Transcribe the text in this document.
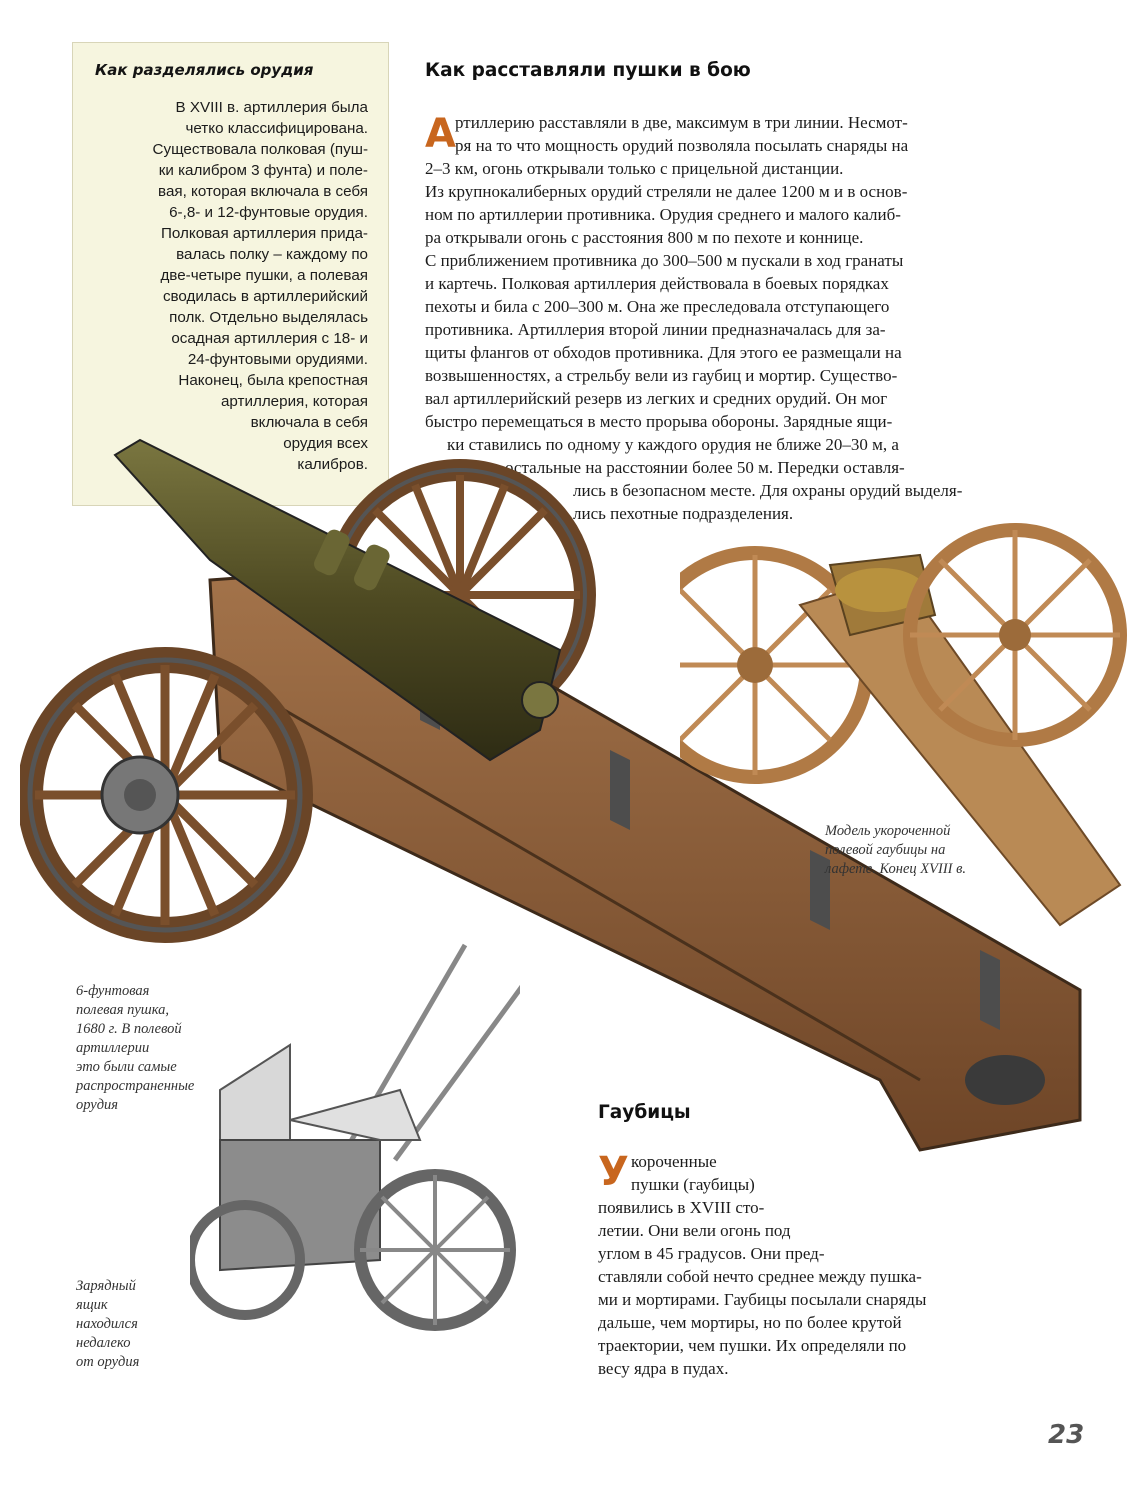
Как разделялись орудия

В XVIII в. артиллерия была

четко классифицирована.

Существовала полковая (пуш-

ки калибром 3 фунта) и поле-

вая, которая включала в себя

6-,8- и 12-фунтовые орудия.

Полковая артиллерия прида-

валась полку – каждому по

две-четыре пушки, а полевая

сводилась в артиллерийский

полк. Отдельно выделялась

осадная артиллерия с 18- и

24-фунтовыми орудиями.

Наконец, была крепостная

артиллерия, которая

включала в себя

орудия всех

калибров.

Как расставляли пушки в бою
А ртиллерию расставляли в две, максимум в три линии. Несмот-

ря на то что мощность орудий позволяла посылать снаряды на

2–3 км, огонь открывали только с прицельной дистанции.

Из крупнокалиберных орудий стреляли не далее 1200 м и в основ-

ном по артиллерии противника. Орудия среднего и малого калиб-

ра открывали огонь с расстояния 800 м по пехоте и коннице.

С приближением противника до 300–500 м пускали в ход гранаты

и картечь. Полковая артиллерия действовала в боевых порядках

пехоты и била с 200–300 м. Она же преследовала отступающего

противника. Артиллерия второй линии предназначалась для за-

щиты флангов от обходов противника. Для этого ее размещали на

возвышенностях, а стрельбу вели из гаубиц и мортир. Существо-

вал артиллерийский резерв из легких и средних орудий. Он мог

быстро перемещаться в место прорыва обороны. Зарядные ящи-

ки ставились по одному у каждого орудия не ближе 20–30 м, а

остальные на расстоянии более 50 м. Передки оставля-

лись в безопасном месте. Для охраны орудий выделя-

лись пехотные подразделения.

Модель укороченной

полевой гаубицы на

лафете. Конец XVIII в.

6-фунтовая

полевая пушка,

1680 г. В полевой

артиллерии

это были самые

распространенные

орудия

Зарядный

ящик

находился

недалеко

от орудия

Гаубицы
У короченные

пушки (гаубицы)

появились в XVIII сто-

летии. Они вели огонь под

углом в 45 градусов. Они пред-

ставляли собой нечто среднее между пушка-

ми и мортирами. Гаубицы посылали снаряды

дальше, чем мортиры, но по более крутой

траектории, чем пушки. Их определяли по

весу ядра в пудах.

23
